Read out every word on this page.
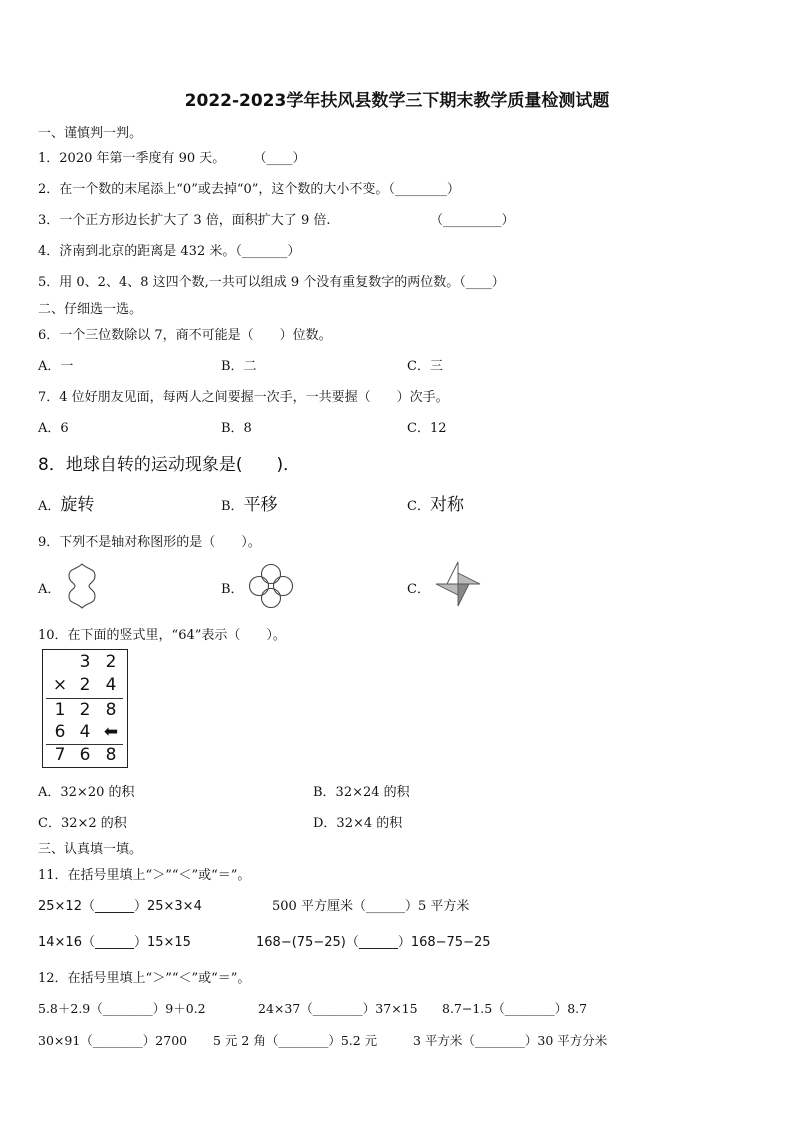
2022-2023学年扶风县数学三下期末教学质量检测试题
一、谨慎判一判。
1．2020 年第一季度有 90 天。 （____）
2．在一个数的末尾添上“0”或去掉“0”，这个数的大小不变。（________）
3．一个正方形边长扩大了 3 倍，面积扩大了 9 倍.	（_________）
4．济南到北京的距离是 432 米。（_______）
5．用 0、2、4、8 这四个数,一共可以组成 9 个没有重复数字的两位数。（____）
二、仔细选一选。
6．一个三位数除以 7，商不可能是（　　）位数。
A．一	B．二	C．三
7．4 位好朋友见面，每两人之间要握一次手，一共要握（　　）次手。
A．6	B．8	C．12
8．地球自转的运动现象是(　　)．
A．旋转	B．平移	C．对称
9．下列不是轴对称图形的是（　　）。
A．	B．	C．
10．在下面的竖式里，“64”表示（　　）。
3 2
× 2 4
1 2 8
6 4 ⬅
7 6 8
A．32×20 的积	B．32×24 的积
C．32×2 的积	D．32×4 的积
三、认真填一填。
11．在括号里填上“＞”“＜”或“＝”。
25×12（______）25×3×4	500 平方厘米（______）5 平方米
14×16（______）15×15	168−(75−25)（______）168−75−25
12．在括号里填上“＞”“＜”或“＝”。
5.8＋2.9（________）9＋0.2	24×37（________）37×15 8.7−1.5（________）8.7
30×91（________）2700 5 元 2 角（________）5.2 元	3 平方米（________）30 平方分米
